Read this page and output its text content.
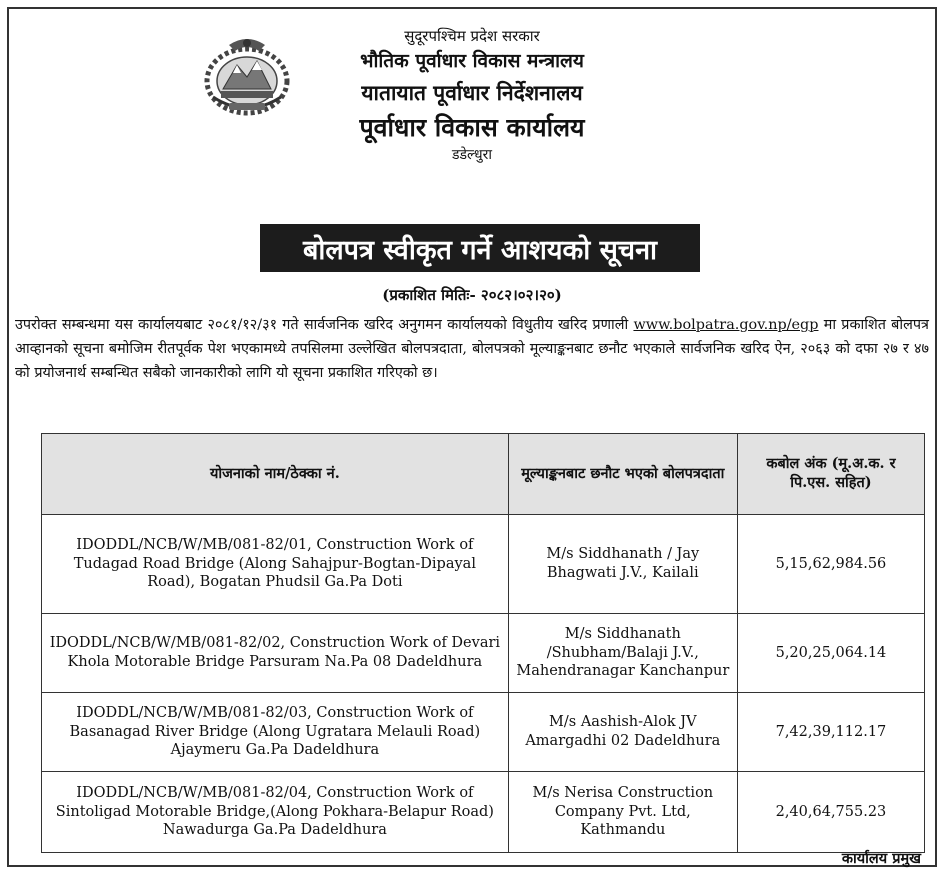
सुदूरपश्चिम प्रदेश सरकार
भौतिक पूर्वाधार विकास मन्त्रालय
यातायात पूर्वाधार निर्देशनालय
पूर्वाधार विकास कार्यालय
डडेल्धुरा
बोलपत्र स्वीकृत गर्ने आशयको सूचना
(प्रकाशित मितिः- २०८२।०२।२०)
उपरोक्त सम्बन्धमा यस कार्यालयबाट २०८१/१२/३१ गते सार्वजनिक खरिद अनुगमन कार्यालयको विधुतीय खरिद प्रणाली www.bolpatra.gov.np/egp मा प्रकाशित बोलपत्र आव्हानको सूचना बमोजिम रीतपूर्वक पेश भएकामध्ये तपसिलमा उल्लेखित बोलपत्रदाता, बोलपत्रको मूल्याङ्कनबाट छनौट भएकाले सार्वजनिक खरिद ऐन, २०६३ को दफा २७ र ४७ को प्रयोजनार्थ सम्बन्धित सबैको जानकारीको लागि यो सूचना प्रकाशित गरिएको छ।
योजनाको नाम/ठेक्का नं.	मूल्याङ्कनबाट छनौट भएको बोलपत्रदाता	कबोल अंक (मू.अ.क. र पि.एस. सहित)
IDODDL/NCB/W/MB/081-82/01, Construction Work of Tudagad Road Bridge (Along Sahajpur-Bogtan-Dipayal Road), Bogatan Phudsil Ga.Pa Doti	M/s Siddhanath / Jay Bhagwati J.V., Kailali	5,15,62,984.56
IDODDL/NCB/W/MB/081-82/02, Construction Work of Devari Khola Motorable Bridge Parsuram Na.Pa 08 Dadeldhura	M/s Siddhanath /Shubham/Balaji J.V., Mahendranagar Kanchanpur	5,20,25,064.14
IDODDL/NCB/W/MB/081-82/03, Construction Work of Basanagad River Bridge (Along Ugratara Melauli Road) Ajaymeru Ga.Pa Dadeldhura	M/s Aashish-Alok JV Amargadhi 02 Dadeldhura	7,42,39,112.17
IDODDL/NCB/W/MB/081-82/04, Construction Work of Sintoligad Motorable Bridge,(Along Pokhara-Belapur Road) Nawadurga Ga.Pa Dadeldhura	M/s Nerisa Construction Company Pvt. Ltd, Kathmandu	2,40,64,755.23
कार्यालय प्रमुख
